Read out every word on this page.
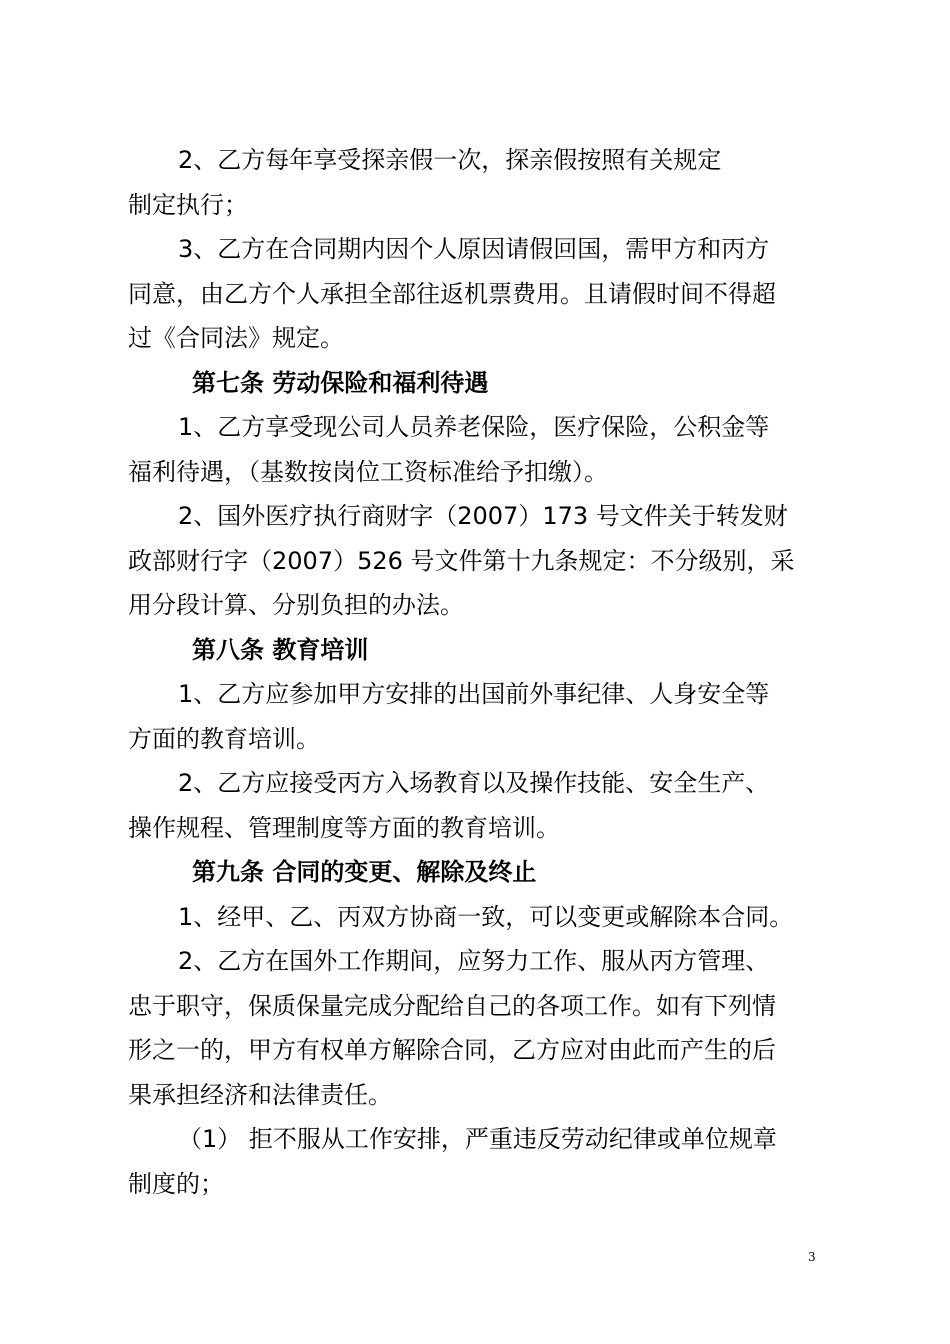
2、乙方每年享受探亲假一次，探亲假按照有关规定
制定执行；
3、乙方在合同期内因个人原因请假回国，需甲方和丙方
同意，由乙方个人承担全部往返机票费用。且请假时间不得超
过《合同法》规定。
第七条 劳动保险和福利待遇
1、乙方享受现公司人员养老保险，医疗保险，公积金等
福利待遇，（基数按岗位工资标准给予扣缴）。
2、国外医疗执行商财字（2007）173 号文件关于转发财
政部财行字（2007）526 号文件第十九条规定：不分级别，采
用分段计算、分别负担的办法。
第八条 教育培训
1、乙方应参加甲方安排的出国前外事纪律、人身安全等
方面的教育培训。
2、乙方应接受丙方入场教育以及操作技能、安全生产、
操作规程、管理制度等方面的教育培训。
第九条 合同的变更、解除及终止
1、经甲、乙、丙双方协商一致，可以变更或解除本合同。
2、乙方在国外工作期间，应努力工作、服从丙方管理、
忠于职守，保质保量完成分配给自己的各项工作。如有下列情
形之一的，甲方有权单方解除合同，乙方应对由此而产生的后
果承担经济和法律责任。
（1） 拒不服从工作安排，严重违反劳动纪律或单位规章
制度的；
3
